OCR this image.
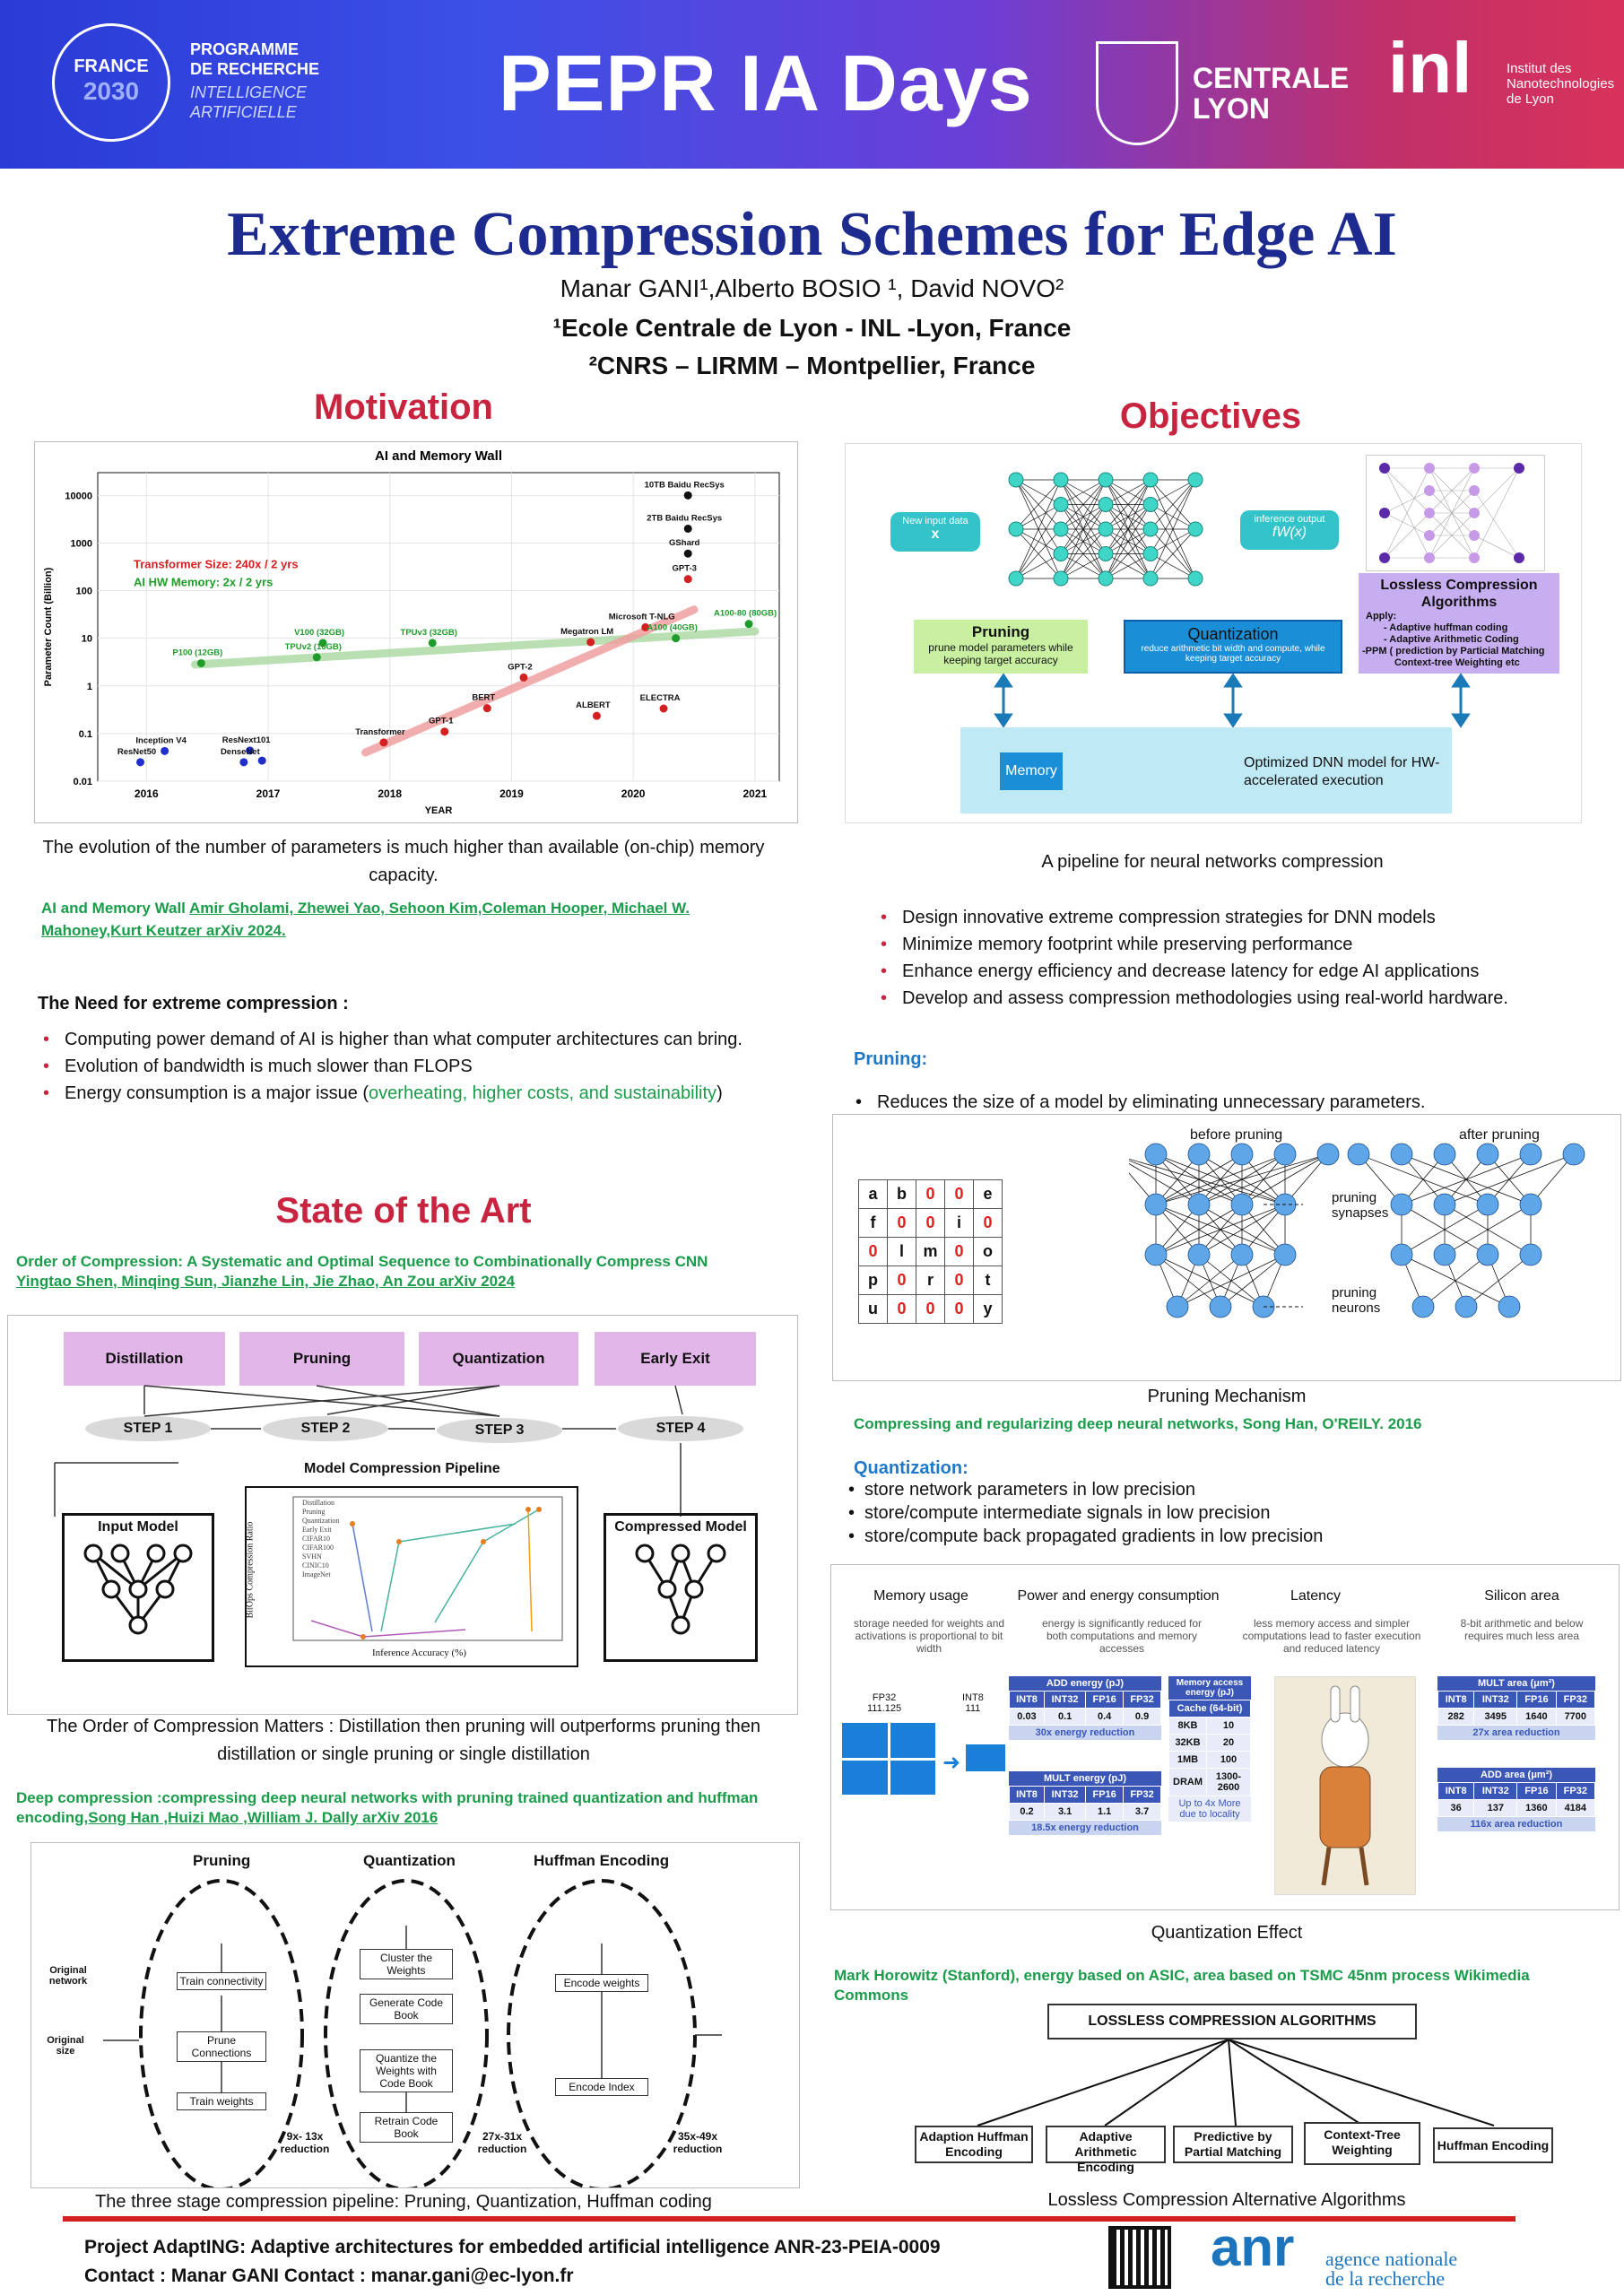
FRANCE
2030
PROGRAMME
DE RECHERCHE
INTELLIGENCE
ARTIFICIELLE	PEPR IA Days	CENTRALE
LYON
inl	Institut des
Nanotechnologies
de Lyon
Extreme Compression Schemes for Edge AI
Manar GANI¹,Alberto BOSIO ¹, David NOVO²
¹Ecole Centrale de Lyon - INL -Lyon, France
²CNRS – LIRMM – Montpellier, France
Motivation
AI and Memory Wall
0.01
0.1
1
10
100
1000
10000
2016	2017	2018	2019	2020	2021
YEAR
Parameter Count (Billion)
Transformer Size: 240x / 2 yrs
AI HW Memory: 2x / 2 yrs
ResNet50
Inception V4	ResNext101
DenseNet
Transformer
GPT-1
BERT
GPT-2
Megatron LM
Microsoft T-NLG
ALBERT
ELECTRA
GPT-3
10TB Baidu RecSys
2TB Baidu RecSys
GShard
P100 (12GB)
V100 (32GB)
TPUv2 (16GB)
TPUv3 (32GB)	A100 (40GB)
A100-80 (80GB)
The evolution of the number of parameters is much higher than available (on-chip) memory capacity.
AI and Memory Wall Amir Gholami, Zhewei Yao, Sehoon Kim,Coleman Hooper, Michael W. Mahoney,Kurt Keutzer arXiv 2024.
The Need for extreme compression :
• Computing power demand of AI is higher than what computer architectures can bring.
• Evolution of bandwidth is much slower than FLOPS
• Energy consumption is a major issue (overheating, higher costs, and sustainability)
State of the Art
Order of Compression: A Systematic and Optimal Sequence to Combinationally Compress CNN
Yingtao Shen, Minqing Sun, Jianzhe Lin, Jie Zhao, An Zou arXiv 2024
Distillation	Pruning	Quantization	Early Exit
STEP 1	STEP 2	STEP 3	STEP 4
Model Compression Pipeline
Input Model	Compressed Model
Inference Accuracy (%)
Distillation
Pruning
Quantization
Early Exit
CIFAR10
CIFAR100
SVHN
CINIC10
ImageNet
BitOps Compression Ratio
The Order of Compression Matters : Distillation then pruning will outperforms pruning then distillation or single pruning or single distillation
Deep compression :compressing deep neural networks with pruning trained quantization and huffman encoding,Song Han ,Huizi Mao ,William J. Dally arXiv 2016
Pruning	Quantization	Huffman Encoding
Original network
Original size
Train connectivity
Prune Connections
Train weights
Cluster the Weights
Generate Code Book
Quantize the Weights with Code Book
Retrain Code Book
Encode weights
Encode Index
9x- 13x reduction
27x-31x reduction
35x-49x reduction
The three stage compression pipeline: Pruning, Quantization, Huffman coding
Objectives
New input data
x
inference output
fW(x)
Pruning
prune model parameters while keeping target accuracy
Quantization
reduce arithmetic bit width and compute, while keeping target accuracy
Lossless Compression Algorithms
Apply:
- Adaptive huffman coding
- Adaptive Arithmetic Coding
-PPM ( prediction by Particial Matching
Context-tree Weighting etc
Memory
Optimized DNN model for HW-accelerated execution
A pipeline for neural networks compression
• Design innovative extreme compression strategies for DNN models
• Minimize memory footprint while preserving performance
• Enhance energy efficiency and decrease latency for edge AI applications
• Develop and assess compression methodologies using real-world hardware.
Pruning:
• Reduces the size of a model by eliminating unnecessary parameters.
a	b	0	0	e
f	0	0	i	0
0	l	m	0	o
p	0	r	0	t
u	0	0	0	y
before pruning	after pruning
pruning synapses
pruning neurons
Pruning Mechanism
Compressing and regularizing deep neural networks, Song Han, O'REILY. 2016
Quantization:
• store network parameters in low precision
• store/compute intermediate signals in low precision
• store/compute back propagated gradients in low precision
Memory usage	Power and energy consumption	Latency	Silicon area
storage needed for weights and activations is proportional to bit width
energy is significantly reduced for both computations and memory accesses
less memory access and simpler computations lead to faster execution and reduced latency
8-bit arithmetic and below requires much less area
FP32
111.125
INT8
111
➜
ADD energy (pJ)
INT8	INT32	FP16	FP32
0.03	0.1	0.4	0.9
30x energy reduction
MULT energy (pJ)
INT8	INT32	FP16	FP32
0.2	3.1	1.1	3.7
18.5x energy reduction
Memory access energy (pJ)
Cache (64-bit)	
8KB	10
32KB	20
1MB	100
DRAM	1300-2600
Up to 4x More due to locality
MULT area (μm²)
INT8	INT32	FP16	FP32
282	3495	1640	7700
27x area reduction
ADD area (μm²)
INT8	INT32	FP16	FP32
36	137	1360	4184
116x area reduction
Quantization Effect
Mark Horowitz (Stanford), energy based on ASIC, area based on TSMC 45nm process Wikimedia Commons
LOSSLESS COMPRESSION ALGORITHMS
Adaption Huffman Encoding
Adaptive Arithmetic Encoding
Predictive by Partial Matching
Context-Tree Weighting	Huffman Encoding
Lossless Compression Alternative Algorithms
Project AdaptING: Adaptive architectures for embedded artificial intelligence ANR-23-PEIA-0009
Contact : Manar GANI Contact : manar.gani@ec-lyon.fr	anr agence nationale
de la recherche
